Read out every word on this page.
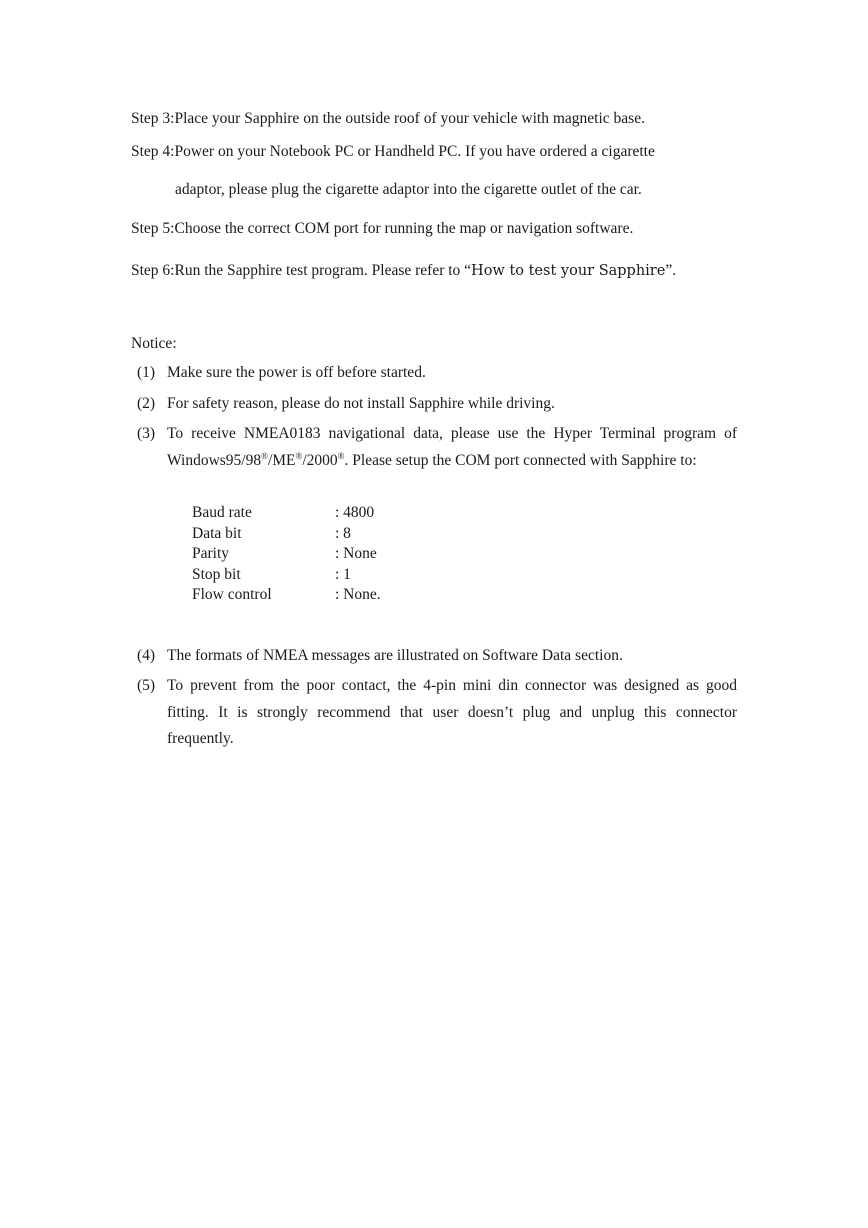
Step 3:Place your Sapphire on the outside roof of your vehicle with magnetic base.
Step 4:Power on your Notebook PC or Handheld PC. If you have ordered a cigarette
adaptor, please plug the cigarette adaptor into the cigarette outlet of the car.
Step 5:Choose the correct COM port for running the map or navigation software.
Step 6:Run the Sapphire test program. Please refer to “How to test your Sapphire”.
Notice:
(1) Make sure the power is off before started.
(2) For safety reason, please do not install Sapphire while driving.
(3) To receive NMEA0183 navigational data, please use the Hyper Terminal program of Windows95/98®/ME®/2000®. Please setup the COM port connected with Sapphire to:
Baud rate	: 4800
Data bit	: 8
Parity	: None
Stop bit	: 1
Flow control	: None.
(4) The formats of NMEA messages are illustrated on Software Data section.
(5) To prevent from the poor contact, the 4-pin mini din connector was designed as good fitting. It is strongly recommend that user doesn’t plug and unplug this connector frequently.
